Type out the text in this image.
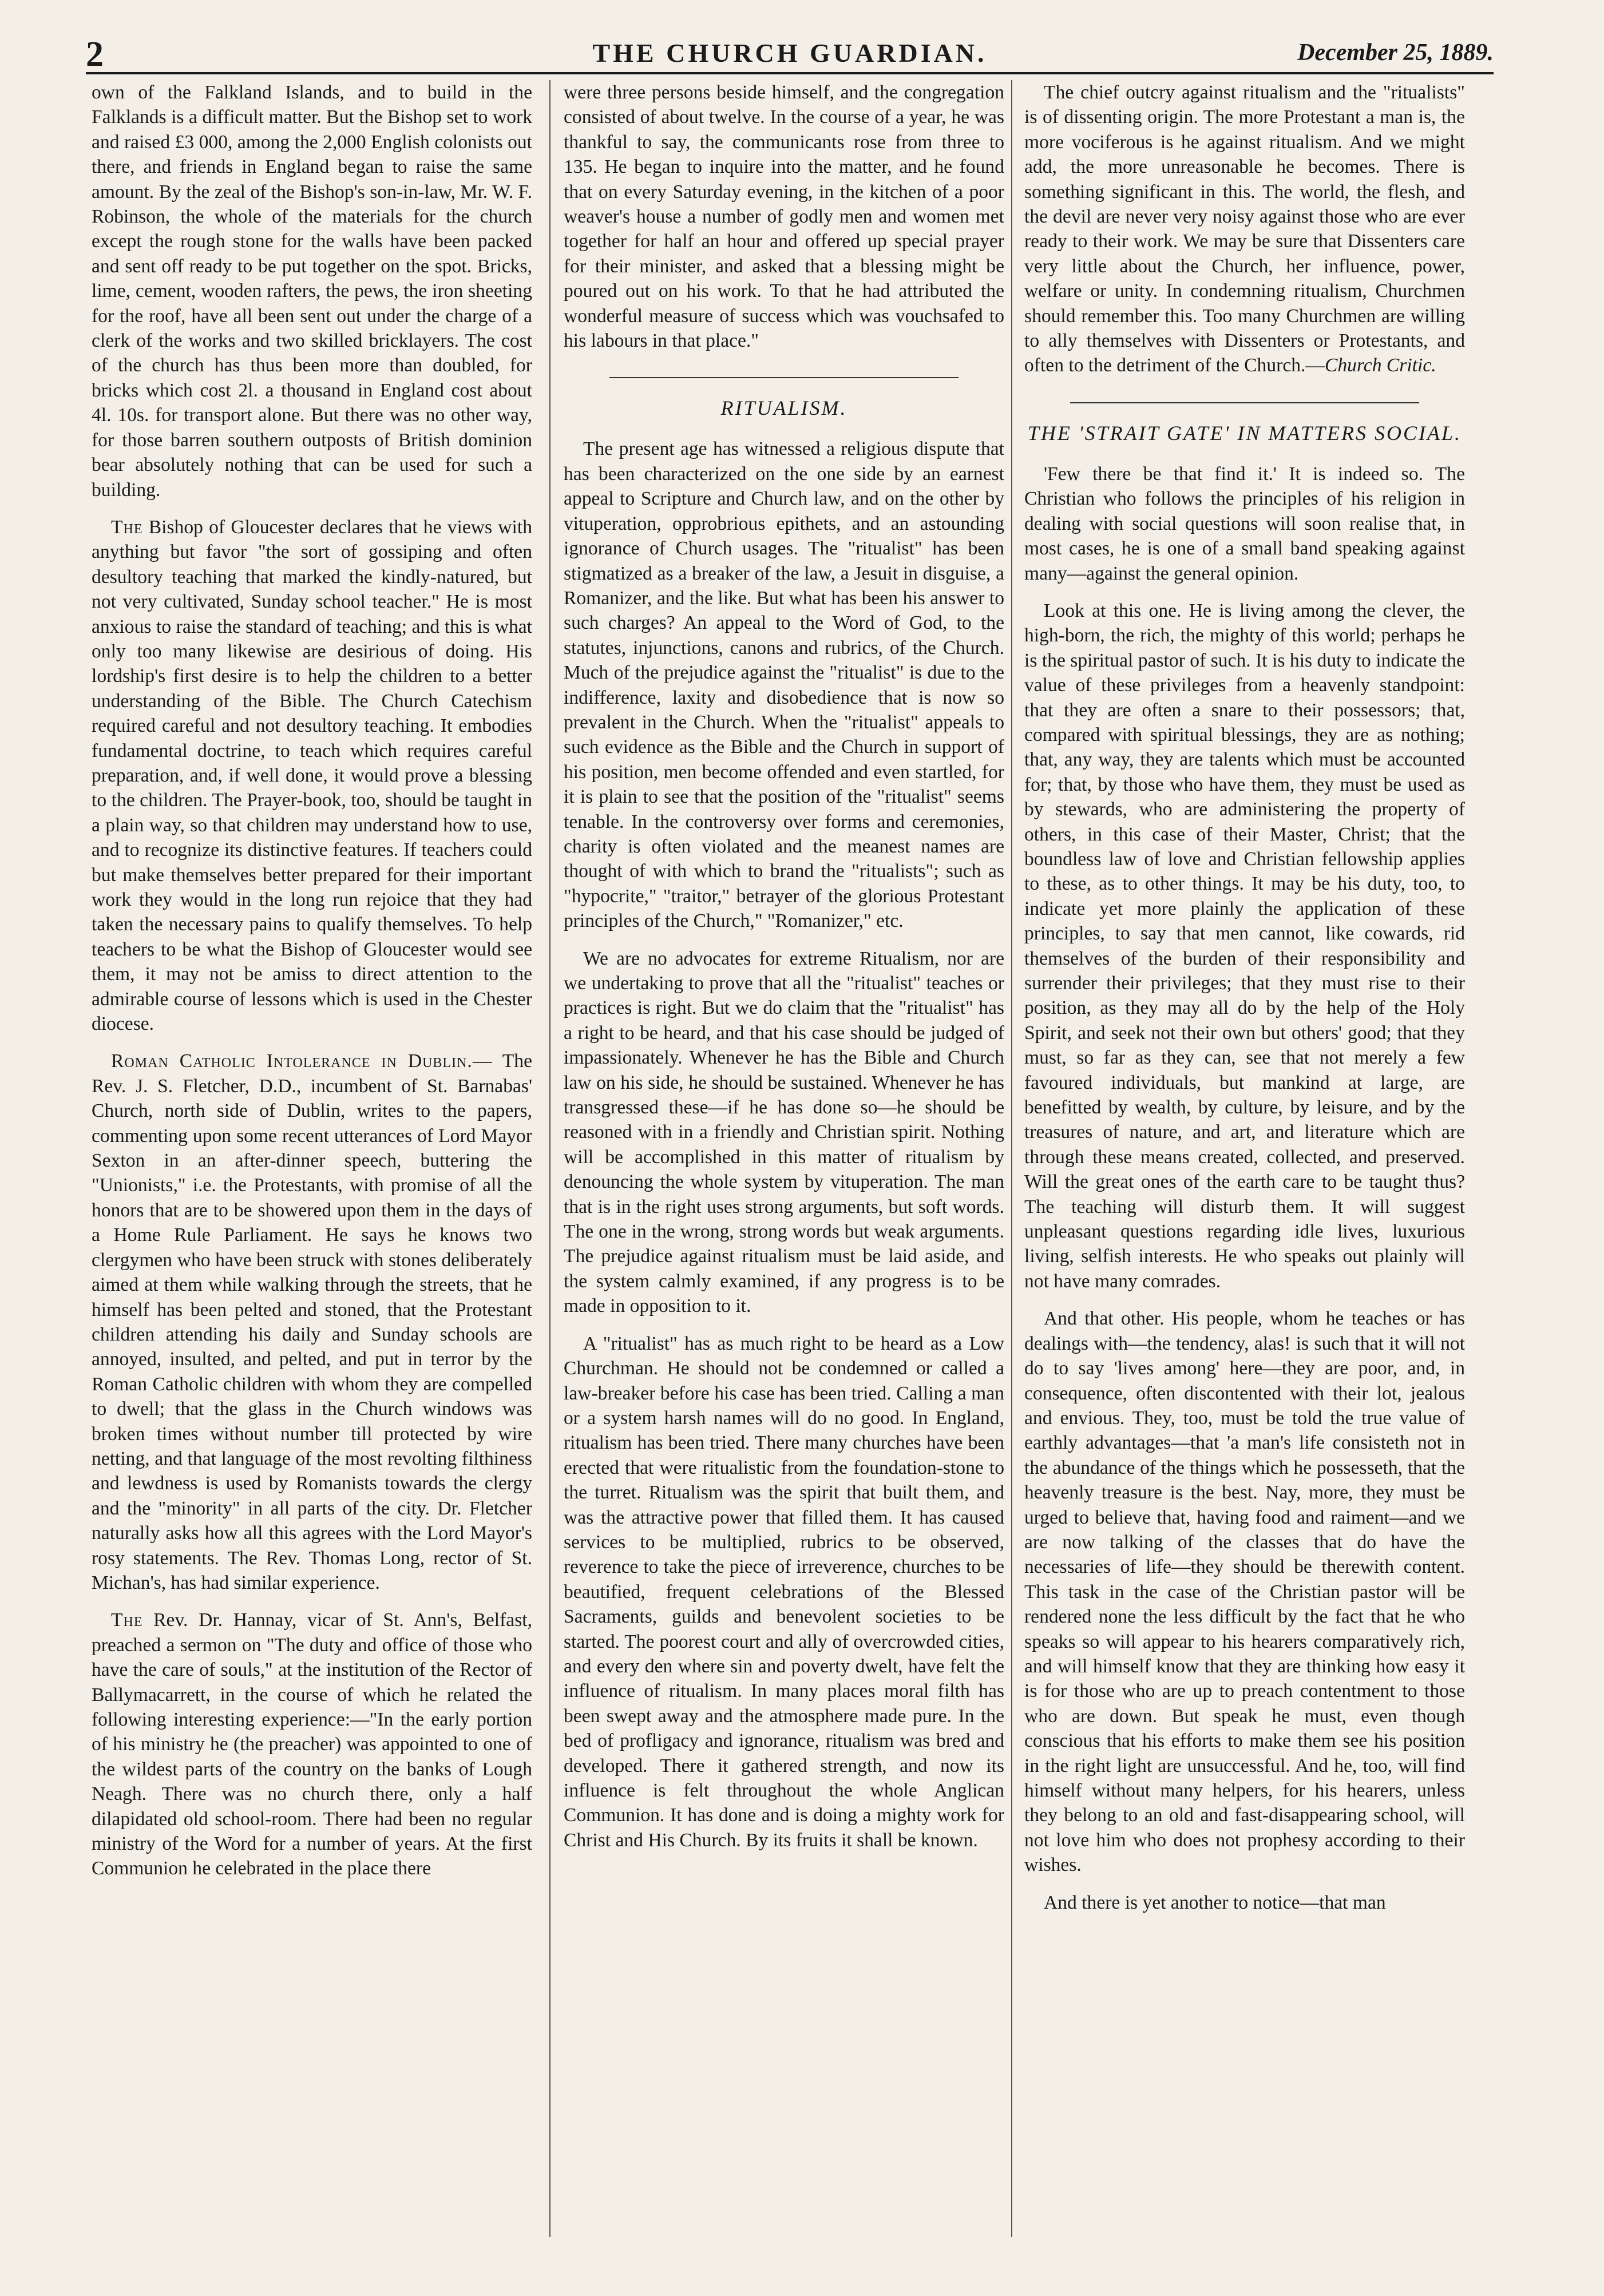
2	THE CHURCH GUARDIAN.	December 25, 1889.

own of the Falkland Islands, and to build in the Falklands is a difficult matter. But the Bishop set to work and raised £3 000, among the 2,000 English colonists out there, and friends in England began to raise the same amount. By the zeal of the Bishop's son-in-law, Mr. W. F. Robinson, the whole of the materials for the church except the rough stone for the walls have been packed and sent off ready to be put together on the spot. Bricks, lime, cement, wooden rafters, the pews, the iron sheeting for the roof, have all been sent out under the charge of a clerk of the works and two skilled bricklayers. The cost of the church has thus been more than doubled, for bricks which cost 2l. a thousand in England cost about 4l. 10s. for transport alone. But there was no other way, for those barren southern outposts of British dominion bear absolutely nothing that can be used for such a building.

The Bishop of Gloucester declares that he views with anything but favor "the sort of gossiping and often desultory teaching that marked the kindly-natured, but not very cultivated, Sunday school teacher." He is most anxious to raise the standard of teaching; and this is what only too many likewise are desirious of doing. His lordship's first desire is to help the children to a better understanding of the Bible. The Church Catechism required careful and not desultory teaching. It embodies fundamental doctrine, to teach which requires careful preparation, and, if well done, it would prove a blessing to the children. The Prayer-book, too, should be taught in a plain way, so that children may understand how to use, and to recognize its distinctive features. If teachers could but make themselves better prepared for their important work they would in the long run rejoice that they had taken the necessary pains to qualify themselves. To help teachers to be what the Bishop of Gloucester would see them, it may not be amiss to direct attention to the admirable course of lessons which is used in the Chester diocese.

Roman Catholic Intolerance in Dublin.— The Rev. J. S. Fletcher, D.D., incumbent of St. Barnabas' Church, north side of Dublin, writes to the papers, commenting upon some recent utterances of Lord Mayor Sexton in an after-dinner speech, buttering the "Unionists," i.e. the Protestants, with promise of all the honors that are to be showered upon them in the days of a Home Rule Parliament. He says he knows two clergymen who have been struck with stones deliberately aimed at them while walking through the streets, that he himself has been pelted and stoned, that the Protestant children attending his daily and Sunday schools are annoyed, insulted, and pelted, and put in terror by the Roman Catholic children with whom they are compelled to dwell; that the glass in the Church windows was broken times without number till protected by wire netting, and that language of the most revolting filthiness and lewdness is used by Romanists towards the clergy and the "minority" in all parts of the city. Dr. Fletcher naturally asks how all this agrees with the Lord Mayor's rosy statements. The Rev. Thomas Long, rector of St. Michan's, has had similar experience.

The Rev. Dr. Hannay, vicar of St. Ann's, Belfast, preached a sermon on "The duty and office of those who have the care of souls," at the institution of the Rector of Ballymacarrett, in the course of which he related the following interesting experience:—"In the early portion of his ministry he (the preacher) was appointed to one of the wildest parts of the country on the banks of Lough Neagh. There was no church there, only a half dilapidated old school-room. There had been no regular ministry of the Word for a number of years. At the first Communion he celebrated in the place there

were three persons beside himself, and the congregation consisted of about twelve. In the course of a year, he was thankful to say, the communicants rose from three to 135. He began to inquire into the matter, and he found that on every Saturday evening, in the kitchen of a poor weaver's house a number of godly men and women met together for half an hour and offered up special prayer for their minister, and asked that a blessing might be poured out on his work. To that he had attributed the wonderful measure of success which was vouchsafed to his labours in that place."

RITUALISM.

The present age has witnessed a religious dispute that has been characterized on the one side by an earnest appeal to Scripture and Church law, and on the other by vituperation, opprobrious epithets, and an astounding ignorance of Church usages. The "ritualist" has been stigmatized as a breaker of the law, a Jesuit in disguise, a Romanizer, and the like. But what has been his answer to such charges? An appeal to the Word of God, to the statutes, injunctions, canons and rubrics, of the Church. Much of the prejudice against the "ritualist" is due to the indifference, laxity and disobedience that is now so prevalent in the Church. When the "ritualist" appeals to such evidence as the Bible and the Church in support of his position, men become offended and even startled, for it is plain to see that the position of the "ritualist" seems tenable. In the controversy over forms and ceremonies, charity is often violated and the meanest names are thought of with which to brand the "ritualists"; such as "hypocrite," "traitor," betrayer of the glorious Protestant principles of the Church," "Romanizer," etc.

We are no advocates for extreme Ritualism, nor are we undertaking to prove that all the "ritualist" teaches or practices is right. But we do claim that the "ritualist" has a right to be heard, and that his case should be judged of impassionately. Whenever he has the Bible and Church law on his side, he should be sustained. Whenever he has transgressed these—if he has done so—he should be reasoned with in a friendly and Christian spirit. Nothing will be accomplished in this matter of ritualism by denouncing the whole system by vituperation. The man that is in the right uses strong arguments, but soft words. The one in the wrong, strong words but weak arguments. The prejudice against ritualism must be laid aside, and the system calmly examined, if any progress is to be made in opposition to it.

A "ritualist" has as much right to be heard as a Low Churchman. He should not be condemned or called a law-breaker before his case has been tried. Calling a man or a system harsh names will do no good. In England, ritualism has been tried. There many churches have been erected that were ritualistic from the foundation-stone to the turret. Ritualism was the spirit that built them, and was the attractive power that filled them. It has caused services to be multiplied, rubrics to be observed, reverence to take the piece of irreverence, churches to be beautified, frequent celebrations of the Blessed Sacraments, guilds and benevolent societies to be started. The poorest court and ally of overcrowded cities, and every den where sin and poverty dwelt, have felt the influence of ritualism. In many places moral filth has been swept away and the atmosphere made pure. In the bed of profligacy and ignorance, ritualism was bred and developed. There it gathered strength, and now its influence is felt throughout the whole Anglican Communion. It has done and is doing a mighty work for Christ and His Church. By its fruits it shall be known.

The chief outcry against ritualism and the "ritualists" is of dissenting origin. The more Protestant a man is, the more vociferous is he against ritualism. And we might add, the more unreasonable he becomes. There is something significant in this. The world, the flesh, and the devil are never very noisy against those who are ever ready to their work. We may be sure that Dissenters care very little about the Church, her influence, power, welfare or unity. In condemning ritualism, Churchmen should remember this. Too many Churchmen are willing to ally themselves with Dissenters or Protestants, and often to the detriment of the Church.—Church Critic.

THE 'STRAIT GATE' IN MATTERS SOCIAL.

'Few there be that find it.' It is indeed so. The Christian who follows the principles of his religion in dealing with social questions will soon realise that, in most cases, he is one of a small band speaking against many—against the general opinion.

Look at this one. He is living among the clever, the high-born, the rich, the mighty of this world; perhaps he is the spiritual pastor of such. It is his duty to indicate the value of these privileges from a heavenly standpoint: that they are often a snare to their possessors; that, compared with spiritual blessings, they are as nothing; that, any way, they are talents which must be accounted for; that, by those who have them, they must be used as by stewards, who are administering the property of others, in this case of their Master, Christ; that the boundless law of love and Christian fellowship applies to these, as to other things. It may be his duty, too, to indicate yet more plainly the application of these principles, to say that men cannot, like cowards, rid themselves of the burden of their responsibility and surrender their privileges; that they must rise to their position, as they may all do by the help of the Holy Spirit, and seek not their own but others' good; that they must, so far as they can, see that not merely a few favoured individuals, but mankind at large, are benefitted by wealth, by culture, by leisure, and by the treasures of nature, and art, and literature which are through these means created, collected, and preserved. Will the great ones of the earth care to be taught thus? The teaching will disturb them. It will suggest unpleasant questions regarding idle lives, luxurious living, selfish interests. He who speaks out plainly will not have many comrades.

And that other. His people, whom he teaches or has dealings with—the tendency, alas! is such that it will not do to say 'lives among' here—they are poor, and, in consequence, often discontented with their lot, jealous and envious. They, too, must be told the true value of earthly advantages—that 'a man's life consisteth not in the abundance of the things which he possesseth, that the heavenly treasure is the best. Nay, more, they must be urged to believe that, having food and raiment—and we are now talking of the classes that do have the necessaries of life—they should be therewith content. This task in the case of the Christian pastor will be rendered none the less difficult by the fact that he who speaks so will appear to his hearers comparatively rich, and will himself know that they are thinking how easy it is for those who are up to preach contentment to those who are down. But speak he must, even though conscious that his efforts to make them see his position in the right light are unsuccessful. And he, too, will find himself without many helpers, for his hearers, unless they belong to an old and fast-disappearing school, will not love him who does not prophesy according to their wishes.

And there is yet another to notice—that man
